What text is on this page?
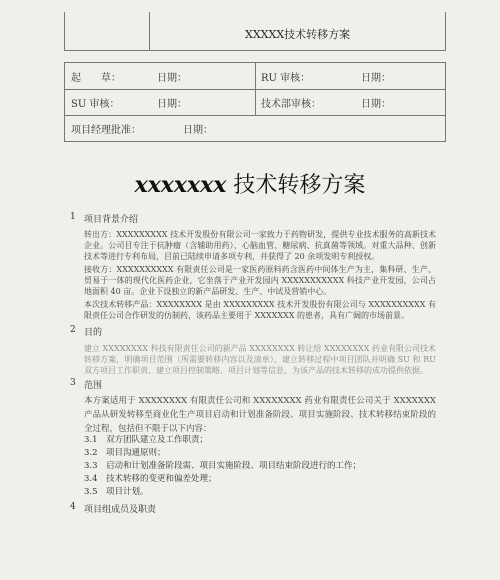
XXXXX技术转移方案
起　　草：	日期：	RU 审核：	日期：
SU 审核：	日期：	技术部审核：	日期：
项目经理批准：	日期：
xxxxxxx 技术转移方案
1 项目背景介绍
转出方：XXXXXXXXX 技术开发股份有限公司一家致力于药物研发，提供专业技术服务的高新技术企业。公司目专注于抗肿瘤（含辅助用药）、心脑血管、糖尿病、抗真菌等领域。对重大品种、创新技术等进行专利布局，目前已陆续申请多项专利，并获得了 20 余项发明专利授权。
接收方：XXXXXXXXXX 有限责任公司是一家医药原料药含医药中间体生产为主，集科研、生产、贸易于一体的现代化医药企业，它坐落于产业开发园内 XXXXXXXXXXX 科技产业开发园，公司占地面积 40 亩。企业下设独立的新产品研发、生产、中试及营销中心。
本次技术转移产品：XXXXXXXX 是由 XXXXXXXXX 技术开发股份有限公司与 XXXXXXXXXX 有限责任公司合作研发的仿制药，该药品主要用于 XXXXXXX 的患者，具有广阔的市场前景。
2 目的
建立 XXXXXXXX 科技有限责任公司的新产品 XXXXXXXX 转让给 XXXXXXXX 药业有限公司技术转移方案，明确项目范围（所需要转移内容以及清单）、建立转移过程中项目团队并明确 SU 和 RU 双方项目工作职责、建立项目控制策略、项目计划等信息，为该产品的技术转移的成功提供依据。
3 范围
本方案适用于 XXXXXXXX 有限责任公司和 XXXXXXXX 药业有限责任公司关于 XXXXXXX 产品从研发转移至商业化生产项目启动和计划准备阶段、项目实施阶段、技术转移结束阶段的全过程，包括但不限于以下内容：
3.1　双方团队建立及工作职责；
3.2　项目沟通原则；
3.3　启动和计划准备阶段需、项目实施阶段、项目结束阶段进行的工作；
3.4　技术转移的变更和偏差处理；
3.5　项目计划。
4 项目组成员及职责
